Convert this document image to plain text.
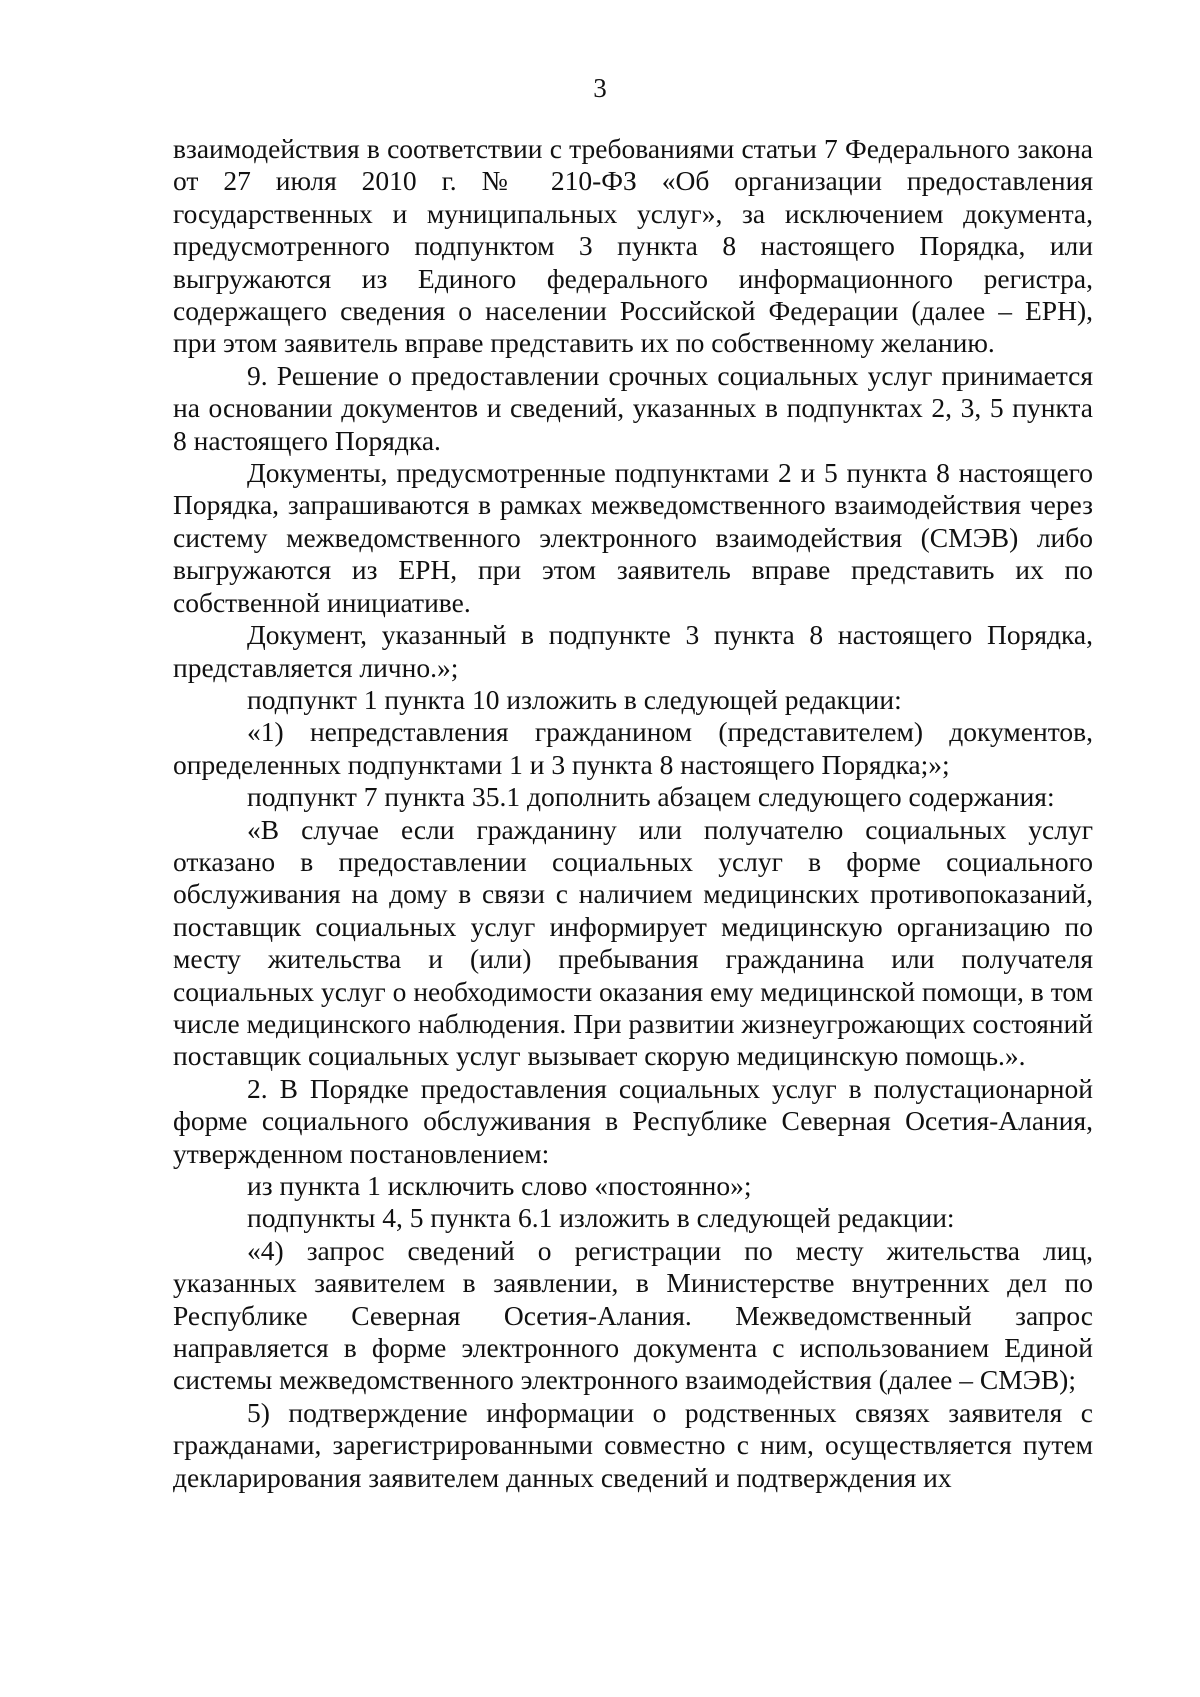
3

взаимодействия в соответствии с требованиями статьи 7 Федерального закона от 27 июля 2010 г. № 210-ФЗ «Об организации предоставления государственных и муниципальных услуг», за исключением документа, предусмотренного подпунктом 3 пункта 8 настоящего Порядка, или выгружаются из Единого федерального информационного регистра, содержащего сведения о населении Российской Федерации (далее – ЕРН), при этом заявитель вправе представить их по собственному желанию.

9. Решение о предоставлении срочных социальных услуг принимается на основании документов и сведений, указанных в подпунктах 2, 3, 5 пункта 8 настоящего Порядка.

Документы, предусмотренные подпунктами 2 и 5 пункта 8 настоящего Порядка, запрашиваются в рамках межведомственного взаимодействия через систему межведомственного электронного взаимодействия (СМЭВ) либо выгружаются из ЕРН, при этом заявитель вправе представить их по собственной инициативе.

Документ, указанный в подпункте 3 пункта 8 настоящего Порядка, представляется лично.»;

подпункт 1 пункта 10 изложить в следующей редакции:

«1) непредставления гражданином (представителем) документов, определенных подпунктами 1 и 3 пункта 8 настоящего Порядка;»;

подпункт 7 пункта 35.1 дополнить абзацем следующего содержания:

«В случае если гражданину или получателю социальных услуг отказано в предоставлении социальных услуг в форме социального обслуживания на дому в связи с наличием медицинских противопоказаний, поставщик социальных услуг информирует медицинскую организацию по месту жительства и (или) пребывания гражданина или получателя социальных услуг о необходимости оказания ему медицинской помощи, в том числе медицинского наблюдения. При развитии жизнеугрожающих состояний поставщик социальных услуг вызывает скорую медицинскую помощь.».

2. В Порядке предоставления социальных услуг в полустационарной форме социального обслуживания в Республике Северная Осетия-Алания, утвержденном постановлением:

из пункта 1 исключить слово «постоянно»;

подпункты 4, 5 пункта 6.1 изложить в следующей редакции:

«4) запрос сведений о регистрации по месту жительства лиц, указанных заявителем в заявлении, в Министерстве внутренних дел по Республике Северная Осетия-Алания. Межведомственный запрос направляется в форме электронного документа с использованием Единой системы межведомственного электронного взаимодействия (далее – СМЭВ);

5) подтверждение информации о родственных связях заявителя с гражданами, зарегистрированными совместно с ним, осуществляется путем декларирования заявителем данных сведений и подтверждения их
